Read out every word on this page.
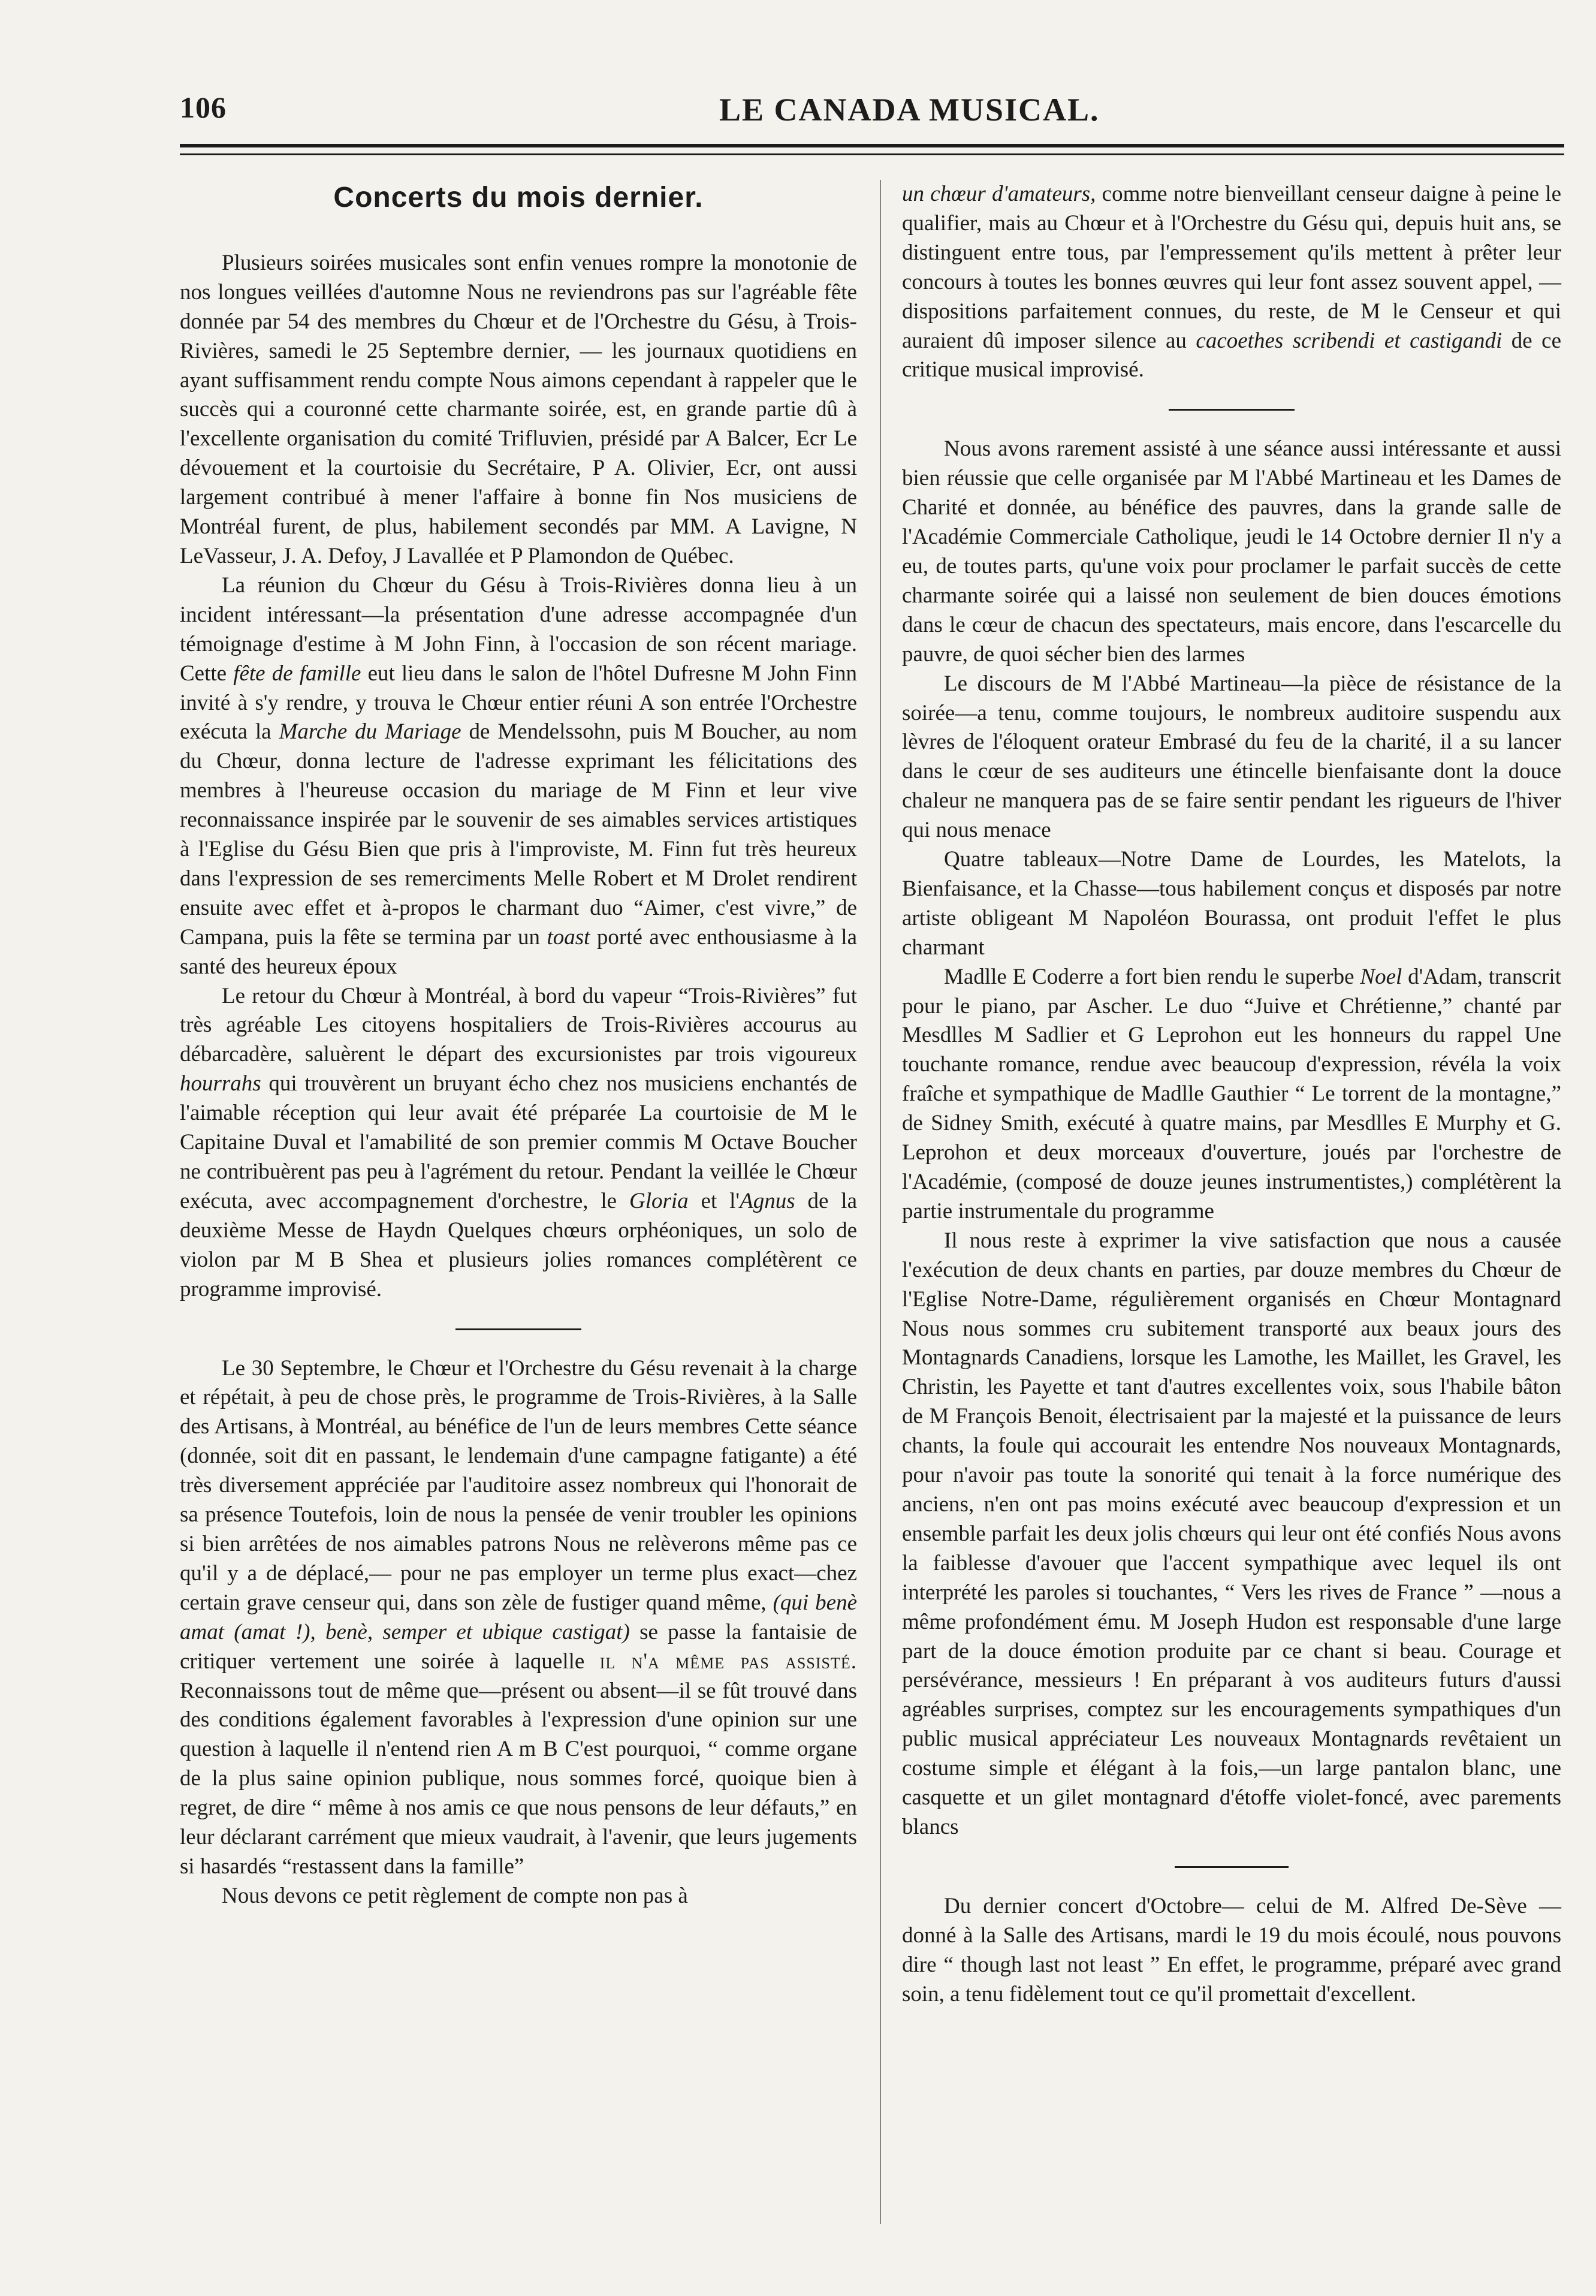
106	LE CANADA MUSICAL.
Concerts du mois dernier.

Plusieurs soirées musicales sont enfin venues rompre la monotonie de nos longues veillées d'automne Nous ne reviendrons pas sur l'agréable fête donnée par 54 des membres du Chœur et de l'Orchestre du Gésu, à Trois-Rivières, samedi le 25 Septembre dernier, — les journaux quotidiens en ayant suffisamment rendu compte Nous aimons cependant à rappeler que le succès qui a couronné cette charmante soirée, est, en grande partie dû à l'excellente organisation du comité Trifluvien, présidé par A Balcer, Ecr Le dévouement et la courtoisie du Secrétaire, P A. Olivier, Ecr, ont aussi largement contribué à mener l'affaire à bonne fin Nos musiciens de Montréal furent, de plus, habilement secondés par MM. A Lavigne, N LeVasseur, J. A. Defoy, J Lavallée et P Plamondon de Québec.

La réunion du Chœur du Gésu à Trois-Rivières donna lieu à un incident intéressant—la présentation d'une adresse accompagnée d'un témoignage d'estime à M John Finn, à l'occasion de son récent mariage. Cette fête de famille eut lieu dans le salon de l'hôtel Dufresne M John Finn invité à s'y rendre, y trouva le Chœur entier réuni A son entrée l'Orchestre exécuta la Marche du Mariage de Mendelssohn, puis M Boucher, au nom du Chœur, donna lecture de l'adresse exprimant les félicitations des membres à l'heureuse occasion du mariage de M Finn et leur vive reconnaissance inspirée par le souvenir de ses aimables services artistiques à l'Eglise du Gésu Bien que pris à l'improviste, M. Finn fut très heureux dans l'expression de ses remerciments Melle Robert et M Drolet rendirent ensuite avec effet et à-propos le charmant duo “Aimer, c'est vivre,” de Campana, puis la fête se termina par un toast porté avec enthousiasme à la santé des heureux époux

Le retour du Chœur à Montréal, à bord du vapeur “Trois-Rivières” fut très agréable Les citoyens hospitaliers de Trois-Rivières accourus au débarcadère, saluèrent le départ des excursionistes par trois vigoureux hourrahs qui trouvèrent un bruyant écho chez nos musiciens enchantés de l'aimable réception qui leur avait été préparée La courtoisie de M le Capitaine Duval et l'amabilité de son premier commis M Octave Boucher ne contribuèrent pas peu à l'agrément du retour. Pendant la veillée le Chœur exécuta, avec accompagnement d'orchestre, le Gloria et l'Agnus de la deuxième Messe de Haydn Quelques chœurs orphéoniques, un solo de violon par M B Shea et plusieurs jolies romances complétèrent ce programme improvisé.

Le 30 Septembre, le Chœur et l'Orchestre du Gésu revenait à la charge et répétait, à peu de chose près, le programme de Trois-Rivières, à la Salle des Artisans, à Montréal, au bénéfice de l'un de leurs membres Cette séance (donnée, soit dit en passant, le lendemain d'une campagne fatigante) a été très diversement appréciée par l'auditoire assez nombreux qui l'honorait de sa présence Toutefois, loin de nous la pensée de venir troubler les opinions si bien arrêtées de nos aimables patrons Nous ne relèverons même pas ce qu'il y a de déplacé,— pour ne pas employer un terme plus exact—chez certain grave censeur qui, dans son zèle de fustiger quand même, (qui benè amat (amat !), benè, semper et ubique castigat) se passe la fantaisie de critiquer vertement une soirée à laquelle il n'a même pas assisté. Reconnaissons tout de même que—présent ou absent—il se fût trouvé dans des conditions également favorables à l'expression d'une opinion sur une question à laquelle il n'entend rien A m B C'est pourquoi, “ comme organe de la plus saine opinion publique, nous sommes forcé, quoique bien à regret, de dire “ même à nos amis ce que nous pensons de leur défauts,” en leur déclarant carrément que mieux vaudrait, à l'avenir, que leurs jugements si hasardés “restassent dans la famille”

Nous devons ce petit règlement de compte non pas à

un chœur d'amateurs, comme notre bienveillant censeur daigne à peine le qualifier, mais au Chœur et à l'Orchestre du Gésu qui, depuis huit ans, se distinguent entre tous, par l'empressement qu'ils mettent à prêter leur concours à toutes les bonnes œuvres qui leur font assez souvent appel, — dispositions parfaitement connues, du reste, de M le Censeur et qui auraient dû imposer silence au cacoethes scribendi et castigandi de ce critique musical improvisé.

Nous avons rarement assisté à une séance aussi intéressante et aussi bien réussie que celle organisée par M l'Abbé Martineau et les Dames de Charité et donnée, au bénéfice des pauvres, dans la grande salle de l'Académie Commerciale Catholique, jeudi le 14 Octobre dernier Il n'y a eu, de toutes parts, qu'une voix pour proclamer le parfait succès de cette charmante soirée qui a laissé non seulement de bien douces émotions dans le cœur de chacun des spectateurs, mais encore, dans l'escarcelle du pauvre, de quoi sécher bien des larmes

Le discours de M l'Abbé Martineau—la pièce de résistance de la soirée—a tenu, comme toujours, le nombreux auditoire suspendu aux lèvres de l'éloquent orateur Embrasé du feu de la charité, il a su lancer dans le cœur de ses auditeurs une étincelle bienfaisante dont la douce chaleur ne manquera pas de se faire sentir pendant les rigueurs de l'hiver qui nous menace

Quatre tableaux—Notre Dame de Lourdes, les Matelots, la Bienfaisance, et la Chasse—tous habilement conçus et disposés par notre artiste obligeant M Napoléon Bourassa, ont produit l'effet le plus charmant

Madlle E Coderre a fort bien rendu le superbe Noel d'Adam, transcrit pour le piano, par Ascher. Le duo “Juive et Chrétienne,” chanté par Mesdlles M Sadlier et G Leprohon eut les honneurs du rappel Une touchante romance, rendue avec beaucoup d'expression, révéla la voix fraîche et sympathique de Madlle Gauthier “ Le torrent de la montagne,” de Sidney Smith, exécuté à quatre mains, par Mesdlles E Murphy et G. Leprohon et deux morceaux d'ouverture, joués par l'orchestre de l'Académie, (composé de douze jeunes instrumentistes,) complétèrent la partie instrumentale du programme

Il nous reste à exprimer la vive satisfaction que nous a causée l'exécution de deux chants en parties, par douze membres du Chœur de l'Eglise Notre-Dame, régulièrement organisés en Chœur Montagnard Nous nous sommes cru subitement transporté aux beaux jours des Montagnards Canadiens, lorsque les Lamothe, les Maillet, les Gravel, les Christin, les Payette et tant d'autres excellentes voix, sous l'habile bâton de M François Benoit, électrisaient par la majesté et la puissance de leurs chants, la foule qui accourait les entendre Nos nouveaux Montagnards, pour n'avoir pas toute la sonorité qui tenait à la force numérique des anciens, n'en ont pas moins exécuté avec beaucoup d'expression et un ensemble parfait les deux jolis chœurs qui leur ont été confiés Nous avons la faiblesse d'avouer que l'accent sympathique avec lequel ils ont interprété les paroles si touchantes, “ Vers les rives de France ” —nous a même profondément ému. M Joseph Hudon est responsable d'une large part de la douce émotion produite par ce chant si beau. Courage et persévérance, messieurs ! En préparant à vos auditeurs futurs d'aussi agréables surprises, comptez sur les encouragements sympathiques d'un public musical appréciateur Les nouveaux Montagnards revêtaient un costume simple et élégant à la fois,—un large pantalon blanc, une casquette et un gilet montagnard d'étoffe violet-foncé, avec parements blancs

Du dernier concert d'Octobre— celui de M. Alfred De-Sève — donné à la Salle des Artisans, mardi le 19 du mois écoulé, nous pouvons dire “ though last not least ” En effet, le programme, préparé avec grand soin, a tenu fidèlement tout ce qu'il promettait d'excellent.
